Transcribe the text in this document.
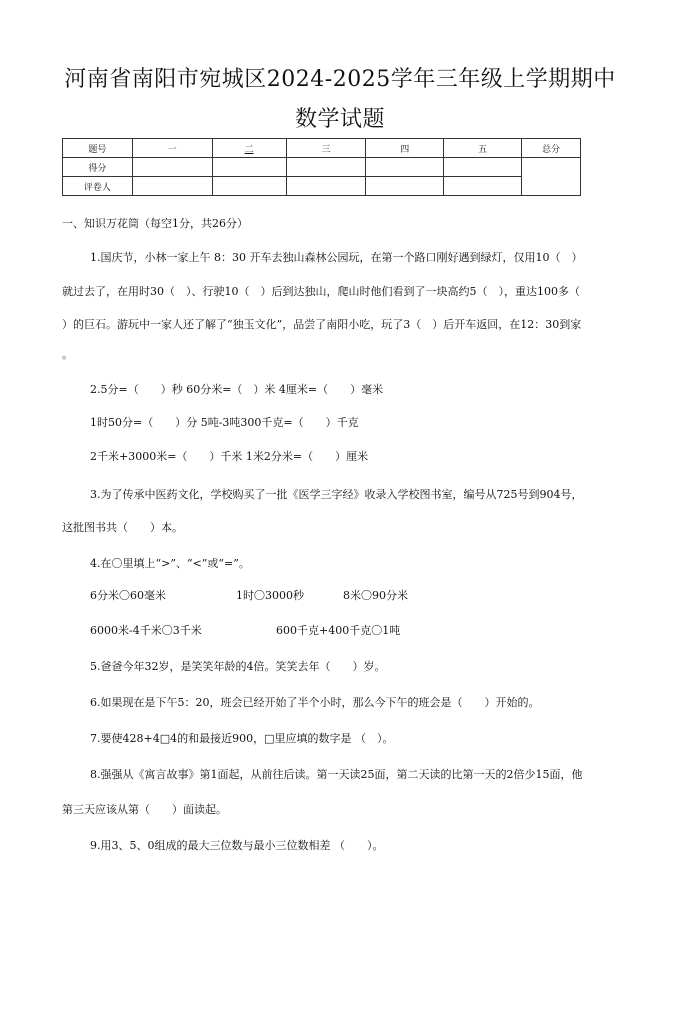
河南省南阳市宛城区2024-2025学年三年级上学期期中
数学试题
题号	一	二	三	四	五	总分
得分						
评卷人						
一、知识万花筒（每空1分，共26分）
1.国庆节，小林一家上午 8：30 开车去独山森林公园玩，在第一个路口刚好遇到绿灯，仅用10（　）
就过去了，在用时30（　）、行驶10（　）后到达独山，爬山时他们看到了一块高约5（　），重达100多（
）的巨石。游玩中一家人还了解了“独玉文化”，品尝了南阳小吃，玩了3（　）后开车返回，在12：30到家
。
2.5分=（　　）秒 60分米=（　）米 4厘米=（　　）毫米
1时50分=（　　）分 5吨-3吨300千克=（　　）千克
2千米+3000米=（　　）千米 1米2分米=（　　）厘米
3.为了传承中医药文化，学校购买了一批《医学三字经》收录入学校图书室，编号从725号到904号，
这批图书共（　　）本。
4.在〇里填上“>”、“<”或“=”。
6分米〇60毫米	1时〇3000秒	8米〇90分米
6000米-4千米〇3千米	600千克+400千克〇1吨
5.爸爸今年32岁，是笑笑年龄的4倍。笑笑去年（　　）岁。
6.如果现在是下午5：20，班会已经开始了半个小时，那么今下午的班会是（　　）开始的。
7.要使428+4□4的和最接近900，□里应填的数字是 （　）。
8.强强从《寓言故事》第1面起，从前往后读。第一天读25面，第二天读的比第一天的2倍少15面，他
第三天应该从第（　　）面读起。
9.用3、5、0组成的最大三位数与最小三位数相差 （　　）。
